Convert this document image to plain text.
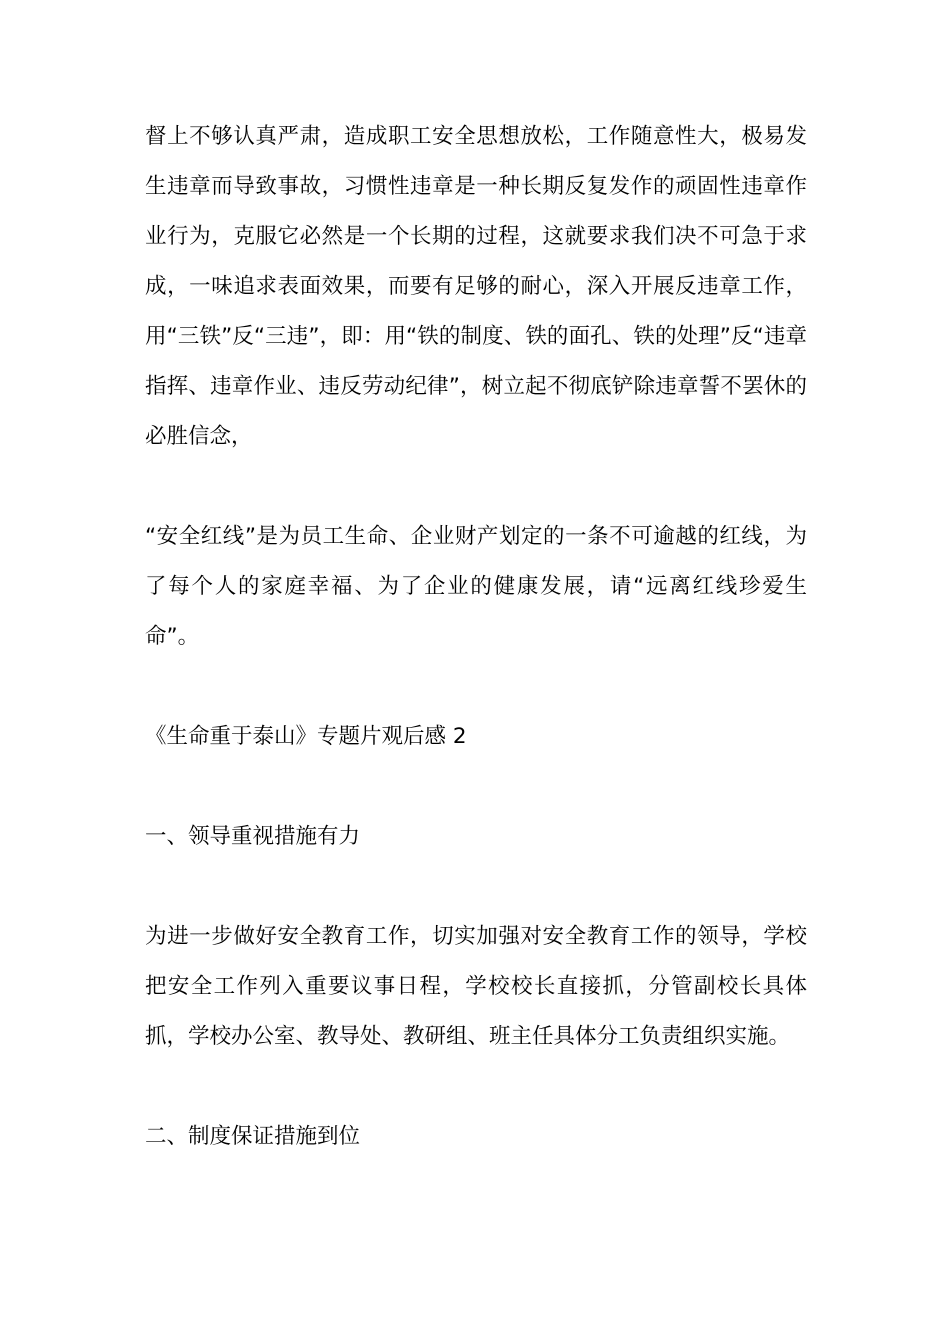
督上不够认真严肃，造成职工安全思想放松，工作随意性大，极易发生违章而导致事故，习惯性违章是一种长期反复发作的顽固性违章作业行为，克服它必然是一个长期的过程，这就要求我们决不可急于求成，一味追求表面效果，而要有足够的耐心，深入开展反违章工作，用“三铁”反“三违”，即：用“铁的制度、铁的面孔、铁的处理”反“违章指挥、违章作业、违反劳动纪律”，树立起不彻底铲除违章誓不罢休的必胜信念，

“安全红线”是为员工生命、企业财产划定的一条不可逾越的红线，为了每个人的家庭幸福、为了企业的健康发展，请“远离红线珍爱生命”。

《生命重于泰山》专题片观后感 2

一、领导重视措施有力

为进一步做好安全教育工作，切实加强对安全教育工作的领导，学校把安全工作列入重要议事日程，学校校长直接抓，分管副校长具体抓，学校办公室、教导处、教研组、班主任具体分工负责组织实施。

二、制度保证措施到位
